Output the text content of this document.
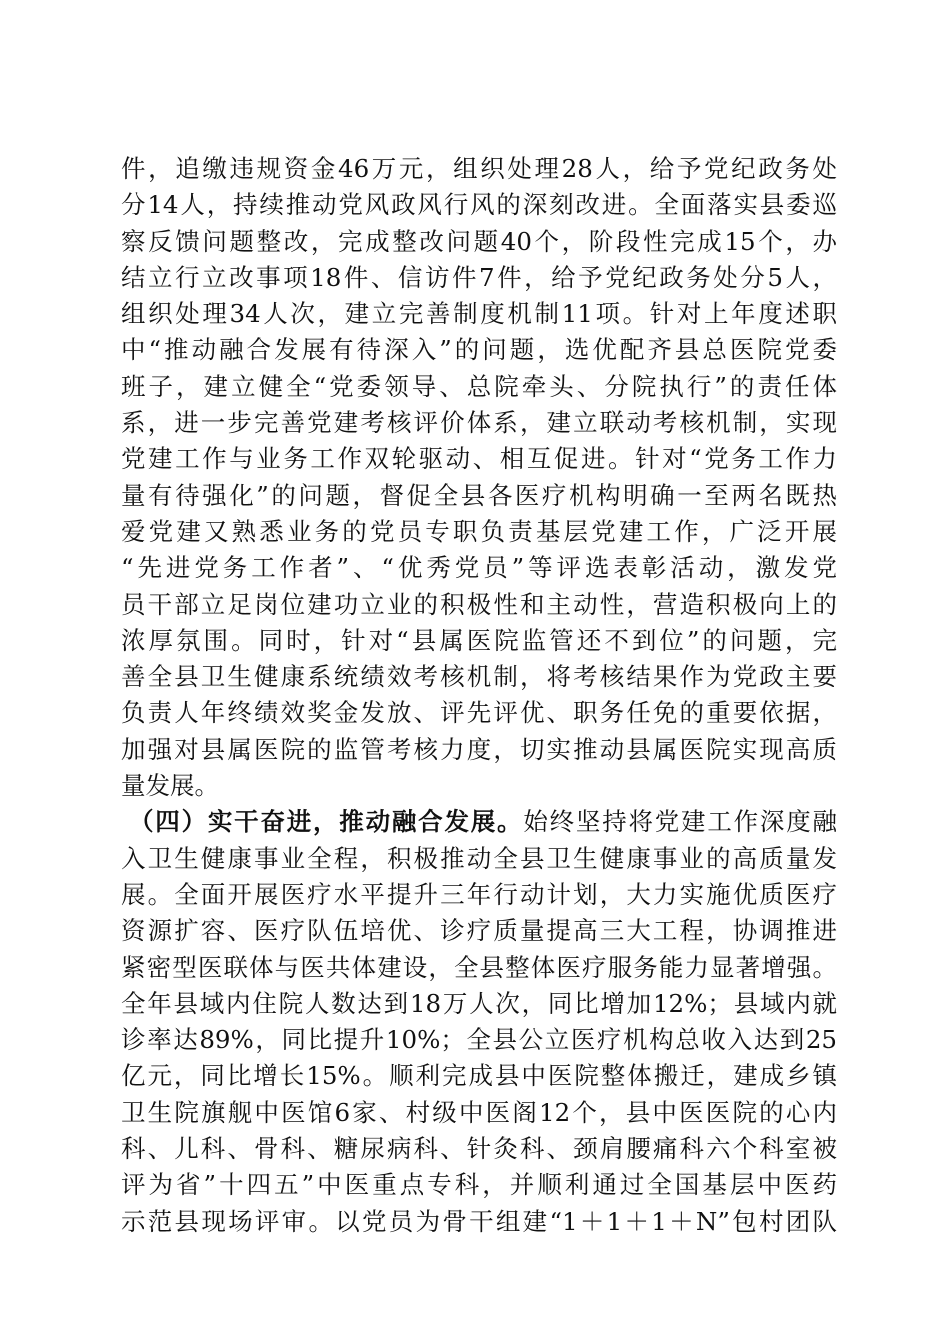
件，追缴违规资金46万元，组织处理28人，给予党纪政务处
分14人，持续推动党风政风行风的深刻改进。全面落实县委巡
察反馈问题整改，完成整改问题40个，阶段性完成15个，办
结立行立改事项18件、信访件7件，给予党纪政务处分5人，
组织处理34人次，建立完善制度机制11项。针对上年度述职
中“推动融合发展有待深入”的问题，选优配齐县总医院党委
班子，建立健全“党委领导、总院牵头、分院执行”的责任体
系，进一步完善党建考核评价体系，建立联动考核机制，实现
党建工作与业务工作双轮驱动、相互促进。针对“党务工作力
量有待强化”的问题，督促全县各医疗机构明确一至两名既热
爱党建又熟悉业务的党员专职负责基层党建工作，广泛开展
“先进党务工作者”、“优秀党员”等评选表彰活动，激发党
员干部立足岗位建功立业的积极性和主动性，营造积极向上的
浓厚氛围。同时，针对“县属医院监管还不到位”的问题，完
善全县卫生健康系统绩效考核机制，将考核结果作为党政主要
负责人年终绩效奖金发放、评先评优、职务任免的重要依据，
加强对县属医院的监管考核力度，切实推动县属医院实现高质
量发展。
（四）实干奋进，推动融合发展。始终坚持将党建工作深度融
入卫生健康事业全程，积极推动全县卫生健康事业的高质量发
展。全面开展医疗水平提升三年行动计划，大力实施优质医疗
资源扩容、医疗队伍培优、诊疗质量提高三大工程，协调推进
紧密型医联体与医共体建设，全县整体医疗服务能力显著增强。
全年县域内住院人数达到18万人次，同比增加12%；县域内就
诊率达89%，同比提升10%；全县公立医疗机构总收入达到25
亿元，同比增长15%。顺利完成县中医院整体搬迁，建成乡镇
卫生院旗舰中医馆6家、村级中医阁12个，县中医医院的心内
科、儿科、骨科、糖尿病科、针灸科、颈肩腰痛科六个科室被
评为省”十四五”中医重点专科，并顺利通过全国基层中医药
示范县现场评审。以党员为骨干组建“1＋1＋1＋N”包村团队
